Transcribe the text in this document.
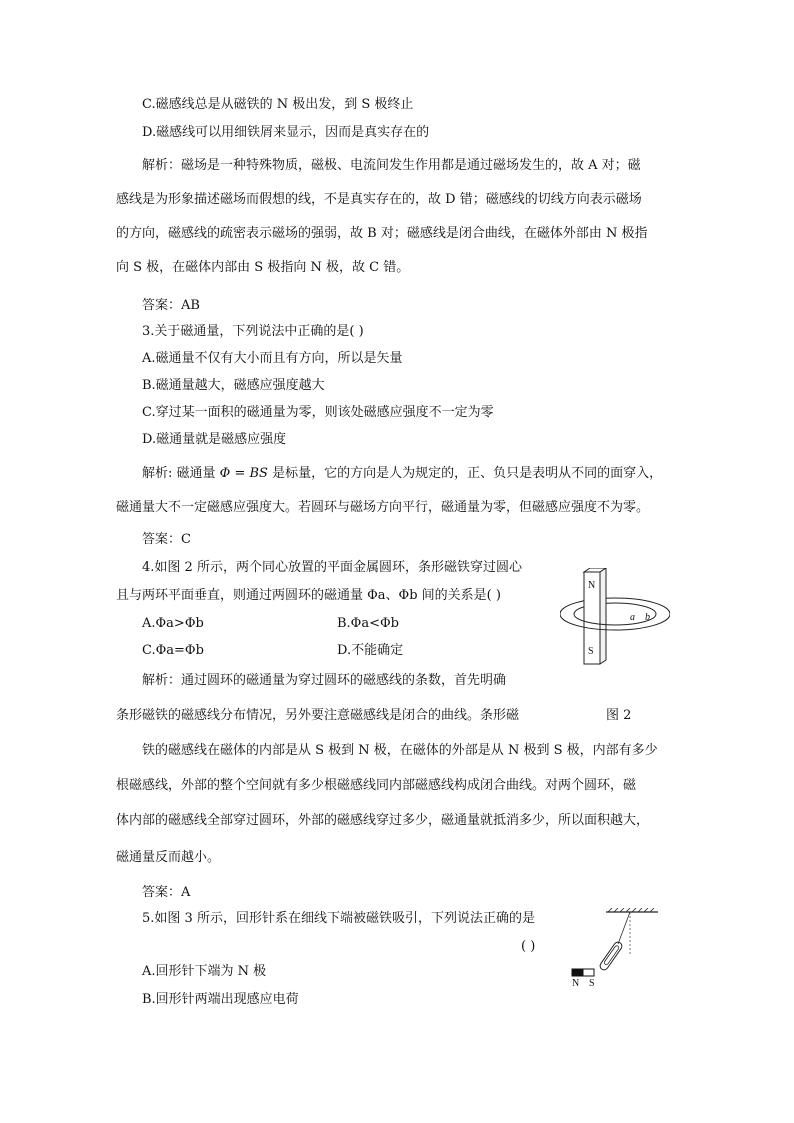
C.磁感线总是从磁铁的 N 极出发，到 S 极终止
D.磁感线可以用细铁屑来显示，因而是真实存在的
解析：磁场是一种特殊物质，磁极、电流间发生作用都是通过磁场发生的，故 A 对；磁
感线是为形象描述磁场而假想的线，不是真实存在的，故 D 错；磁感线的切线方向表示磁场
的方向，磁感线的疏密表示磁场的强弱，故 B 对；磁感线是闭合曲线，在磁体外部由 N 极指
向 S 极，在磁体内部由 S 极指向 N 极，故 C 错。
答案：AB
3.关于磁通量，下列说法中正确的是( )
A.磁通量不仅有大小而且有方向，所以是矢量
B.磁通量越大，磁感应强度越大
C.穿过某一面积的磁通量为零，则该处磁感应强度不一定为零
D.磁通量就是磁感应强度
解析: 磁通量 Φ = BS 是标量，它的方向是人为规定的，正、负只是表明从不同的面穿入，
磁通量大不一定磁感应强度大。若圆环与磁场方向平行，磁通量为零，但磁感应强度不为零。
答案：C
4.如图 2 所示，两个同心放置的平面金属圆环，条形磁铁穿过圆心
且与两环平面垂直，则通过两圆环的磁通量 Φa、Φb 间的关系是( )
A.Φa>Φb	B.Φa<Φb
C.Φa=Φb	D.不能确定
解析：通过圆环的磁通量为穿过圆环的磁感线的条数，首先明确
条形磁铁的磁感线分布情况，另外要注意磁感线是闭合的曲线。条形磁	图 2
铁的磁感线在磁体的内部是从 S 极到 N 极，在磁体的外部是从 N 极到 S 极，内部有多少
根磁感线，外部的整个空间就有多少根磁感线同内部磁感线构成闭合曲线。对两个圆环，磁
体内部的磁感线全部穿过圆环，外部的磁感线穿过多少，磁通量就抵消多少，所以面积越大，
磁通量反而越小。
答案：A
N
S
a b
5.如图 3 所示，回形针系在细线下端被磁铁吸引，下列说法正确的是
( )
A.回形针下端为 N 极
B.回形针两端出现感应电荷
N S
